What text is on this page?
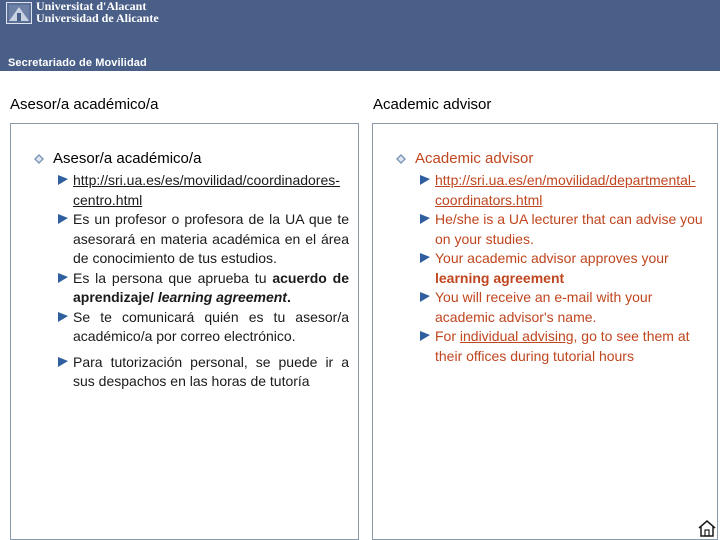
Universitat d'Alacant
Universidad de Alicante
Secretariado de Movilidad
Asesor/a académico/a	Academic advisor
Asesor/a académico/a
http://sri.ua.es/es/movilidad/coordinadores-centro.html
Es un profesor o profesora de la UA que te asesorará en materia académica en el área de conocimiento de tus estudios.
Es la persona que aprueba tu acuerdo de aprendizaje/ learning agreement.
Se te comunicará quién es tu asesor/a académico/a por correo electrónico.
Para tutorización personal, se puede ir a sus despachos en las horas de tutoría
Academic advisor
http://sri.ua.es/en/movilidad/departmental-coordinators.html
He/she is a UA lecturer that can advise you on your studies.
Your academic advisor approves your learning agreement
You will receive an e-mail with your academic advisor's name.
For individual advising, go to see them at their offices during tutorial hours
